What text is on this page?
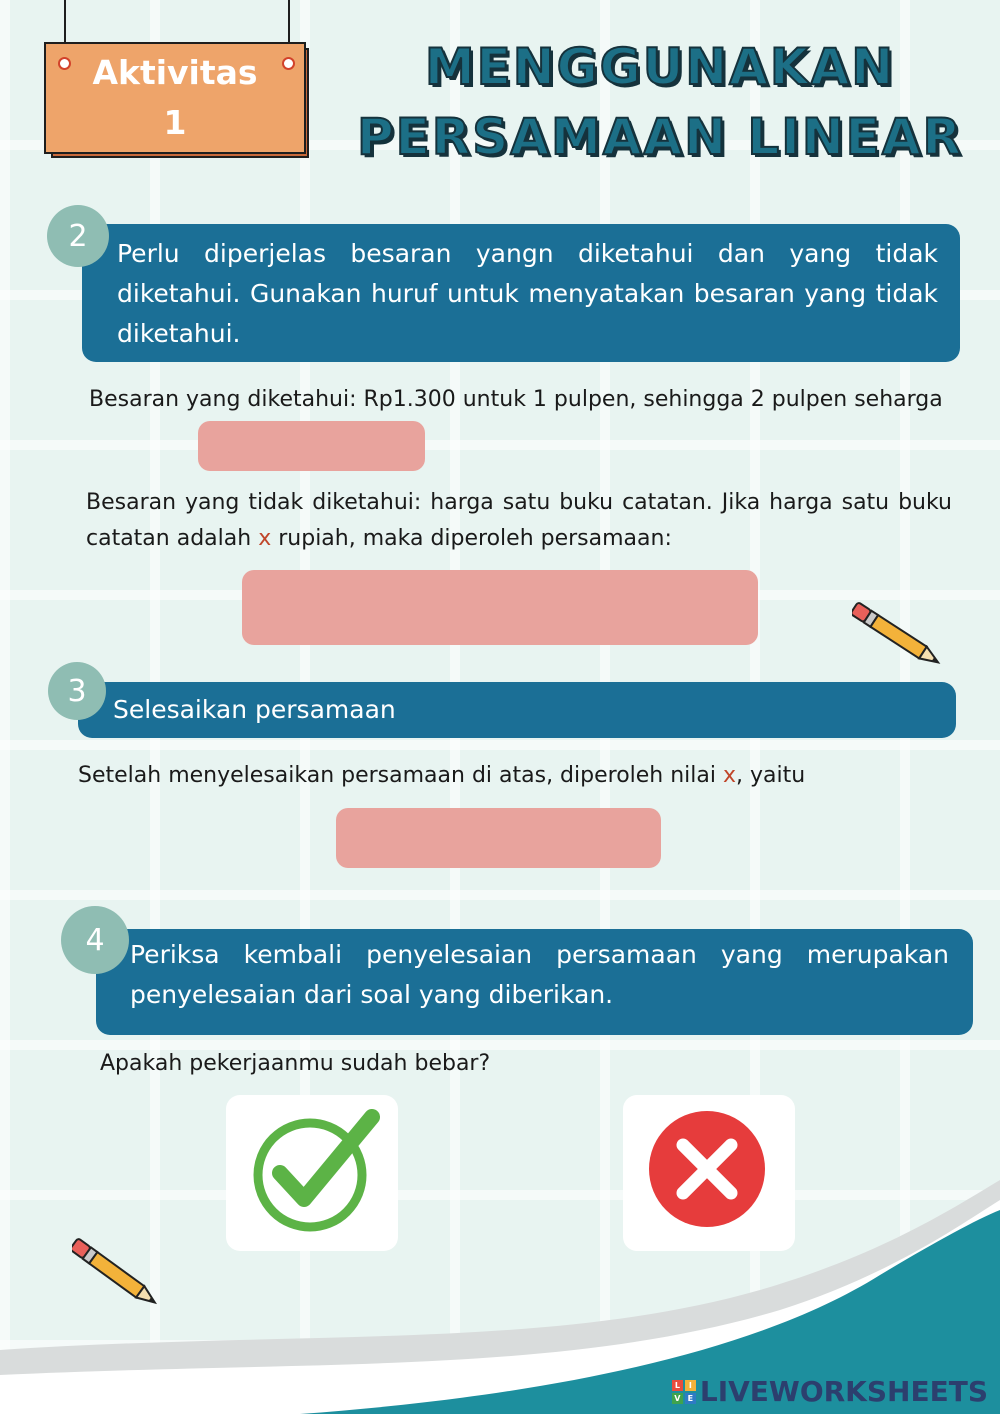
Aktivitas
1
MENGGUNAKAN
PERSAMAAN LINEAR
Perlu diperjelas besaran yangn diketahui dan yang tidak diketahui. Gunakan huruf untuk menyatakan besaran yang tidak diketahui.
2
Besaran yang diketahui: Rp1.300 untuk 1 pulpen, sehingga 2 pulpen seharga
Besaran yang tidak diketahui: harga satu buku catatan. Jika harga satu buku catatan adalah x rupiah, maka diperoleh persamaan:
Selesaikan persamaan
3
Setelah menyelesaikan persamaan di atas, diperoleh nilai x, yaitu
Periksa kembali penyelesaian persamaan yang merupakan penyelesaian dari soal yang diberikan.
4
Apakah pekerjaanmu sudah bebar?
L	I
V E LIVEWORKSHEETS
